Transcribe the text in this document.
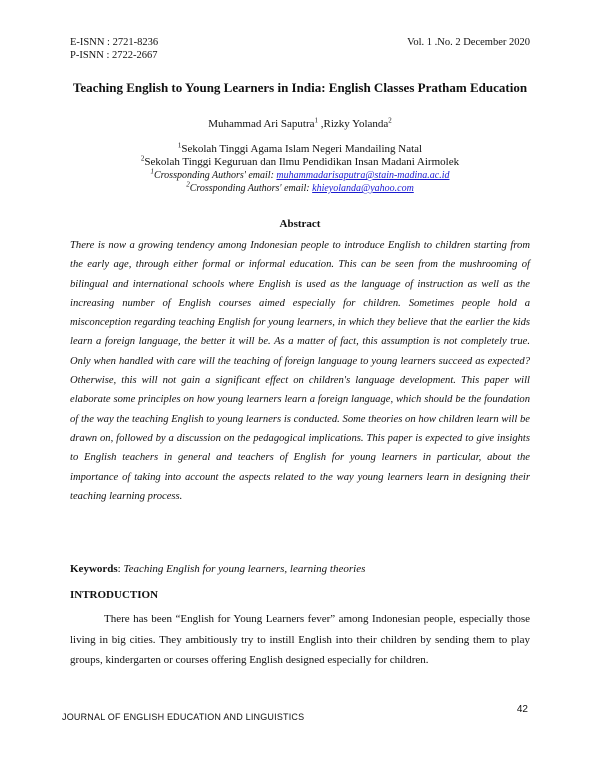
E-ISNN : 2721-8236
P-ISNN : 2722-2667
Vol. 1 .No. 2 December 2020
Teaching English to Young Learners in India: English Classes Pratham Education
Muhammad Ari Saputra$^1$ ,Rizky Yolanda$^2$
$^1$Sekolah Tinggi Agama Islam Negeri Mandailing Natal
$^2$Sekolah Tinggi Keguruan dan Ilmu Pendidikan Insan Madani Airmolek
$^1$Crossponding Authors' email: muhammadarisaputra@stain-madina.ac.id
$^2$Crossponding Authors' email: khieyolanda@yahoo.com
Abstract

There is now a growing tendency among Indonesian people to introduce English to children starting from the early age, through either formal or informal education. This can be seen from the mushrooming of bilingual and international schools where English is used as the language of instruction as well as the increasing number of English courses aimed especially for children. Sometimes people hold a misconception regarding teaching English for young learners, in which they believe that the earlier the kids learn a foreign language, the better it will be. As a matter of fact, this assumption is not completely true. Only when handled with care will the teaching of foreign language to young learners succeed as expected? Otherwise, this will not gain a significant effect on children's language development. This paper will elaborate some principles on how young learners learn a foreign language, which should be the foundation of the way the teaching English to young learners is conducted. Some theories on how children learn will be drawn on, followed by a discussion on the pedagogical implications. This paper is expected to give insights to English teachers in general and teachers of English for young learners in particular, about the importance of taking into account the aspects related to the way young learners learn in designing their teaching learning process.

Keywords: Teaching English for young learners, learning theories
INTRODUCTION

There has been “English for Young Learners fever” among Indonesian people, especially those living in big cities. They ambitiously try to instill English into their children by sending them to play groups, kindergarten or courses offering English designed especially for children.

42
JOURNAL OF ENGLISH EDUCATION AND LINGUISTICS
